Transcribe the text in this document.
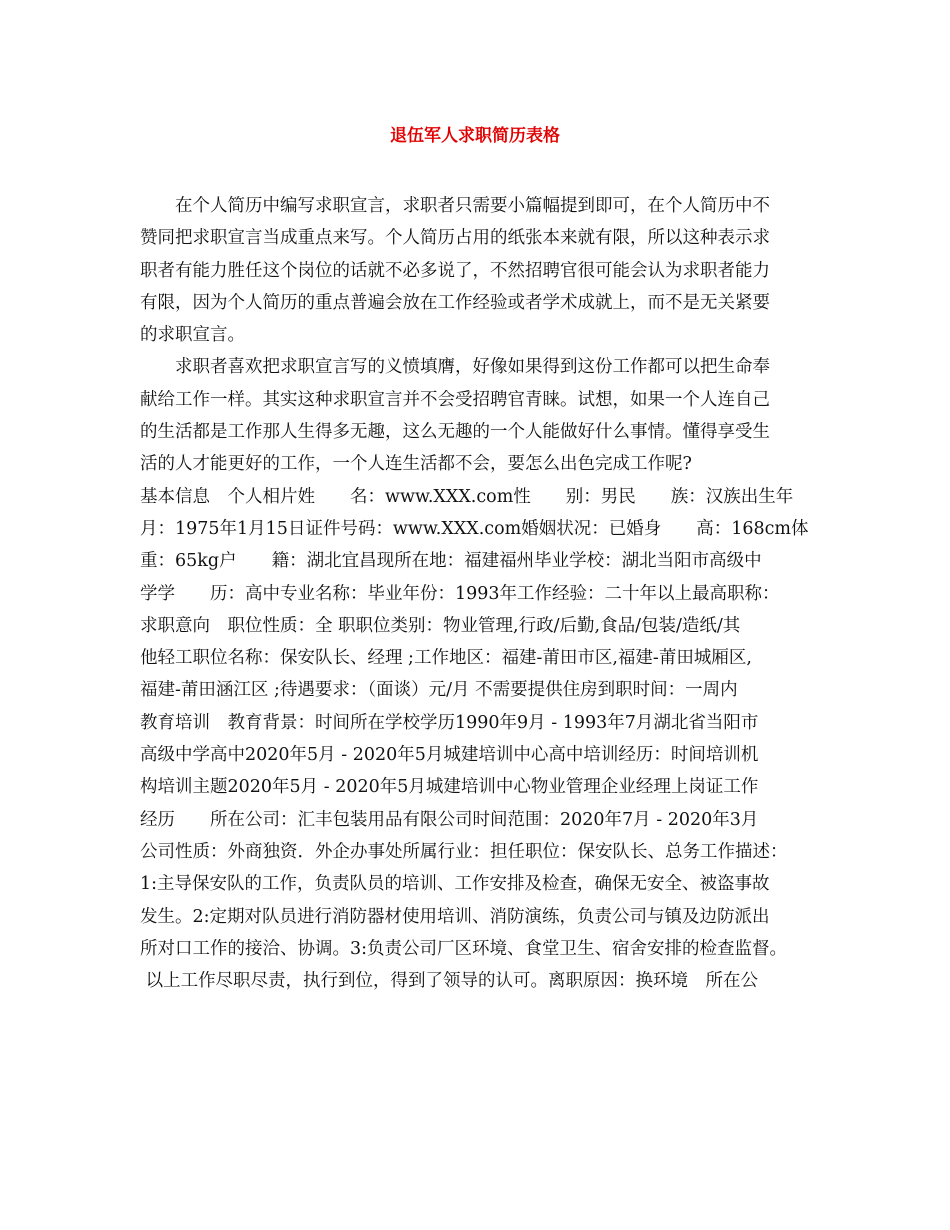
退伍军人求职简历表格
　　在个人简历中编写求职宣言，求职者只需要小篇幅提到即可，在个人简历中不
赞同把求职宣言当成重点来写。个人简历占用的纸张本来就有限，所以这种表示求
职者有能力胜任这个岗位的话就不必多说了，不然招聘官很可能会认为求职者能力
有限，因为个人简历的重点普遍会放在工作经验或者学术成就上，而不是无关紧要
的求职宣言。
　　求职者喜欢把求职宣言写的义愤填膺，好像如果得到这份工作都可以把生命奉
献给工作一样。其实这种求职宣言并不会受招聘官青睐。试想，如果一个人连自己
的生活都是工作那人生得多无趣，这么无趣的一个人能做好什么事情。懂得享受生
活的人才能更好的工作，一个人连生活都不会，要怎么出色完成工作呢?
基本信息　个人相片姓　　名：www.XXX.com性　　别：男民　　族：汉族出生年
月：1975年1月15日证件号码：www.XXX.com婚姻状况：已婚身　　高：168cm体
重：65kg户　　籍：湖北宜昌现所在地：福建福州毕业学校：湖北当阳市高级中
学学　　历：高中专业名称：毕业年份：1993年工作经验：二十年以上最高职称：
求职意向　职位性质：全 职职位类别：物业管理,行政/后勤,食品/包装/造纸/其
他轻工职位名称：保安队长、经理 ;工作地区：福建-莆田市区,福建-莆田城厢区,
福建-莆田涵江区 ;待遇要求：（面谈）元/月 不需要提供住房到职时间：一周内
教育培训　教育背景：时间所在学校学历1990年9月 - 1993年7月湖北省当阳市
高级中学高中2020年5月 - 2020年5月城建培训中心高中培训经历：时间培训机
构培训主题2020年5月 - 2020年5月城建培训中心物业管理企业经理上岗证工作
经历　　所在公司：汇丰包装用品有限公司时间范围：2020年7月 - 2020年3月
公司性质：外商独资．外企办事处所属行业：担任职位：保安队长、总务工作描述：
1:主导保安队的工作，负责队员的培训、工作安排及检查，确保无安全、被盗事故
发生。2:定期对队员进行消防器材使用培训、消防演练，负责公司与镇及边防派出
所对口工作的接洽、协调。3:负责公司厂区环境、食堂卫生、宿舍安排的检查监督。
以上工作尽职尽责，执行到位，得到了领导的认可。离职原因：换环境　所在公
